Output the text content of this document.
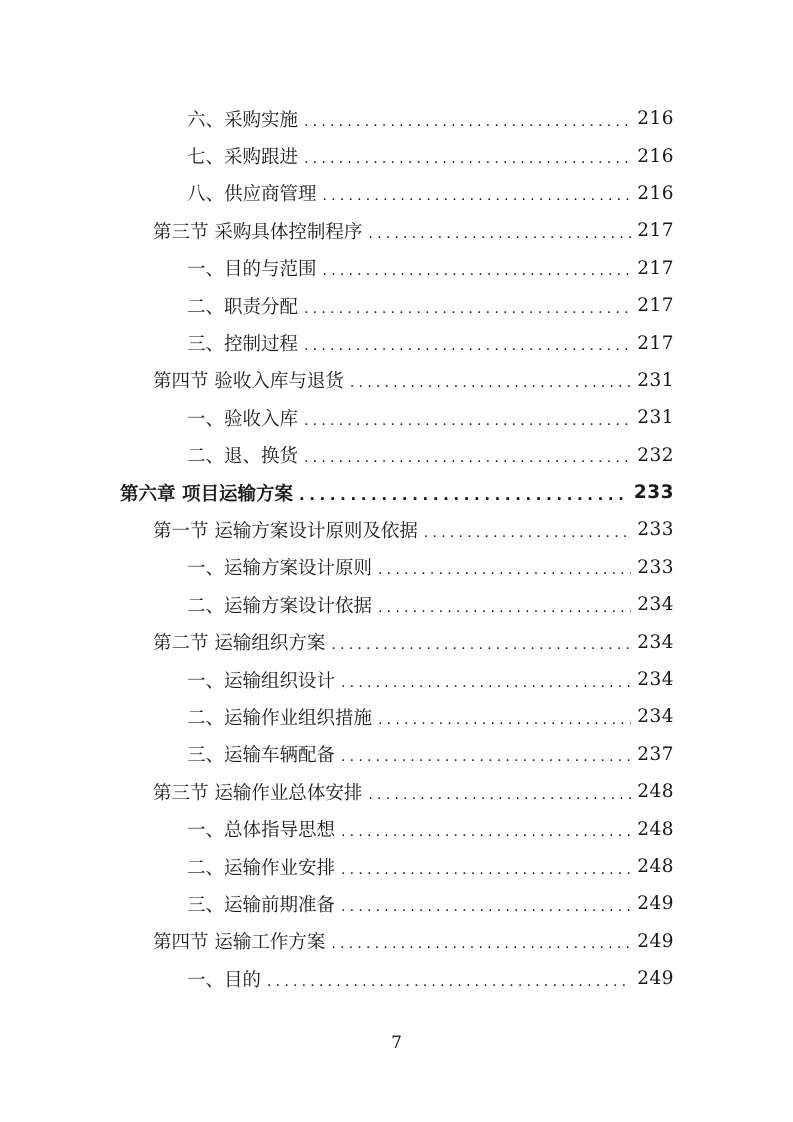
六、采购实施 .....	216
七、采购跟进 .....	216
八、供应商管理 .....	216
第三节 采购具体控制程序 .....	217
一、目的与范围 .....	217
二、职责分配 .....	217
三、控制过程 .....	217
第四节 验收入库与退货 .....	231
一、验收入库 .....	231
二、退、换货 .....	232
第六章 项目运输方案 .....	233
第一节 运输方案设计原则及依据 .....	233
一、运输方案设计原则 .....	233
二、运输方案设计依据 .....	234
第二节 运输组织方案 .....	234
一、运输组织设计 .....	234
二、运输作业组织措施 .....	234
三、运输车辆配备 .....	237
第三节 运输作业总体安排 .....	248
一、总体指导思想 .....	248
二、运输作业安排 .....	248
三、运输前期准备 .....	249
第四节 运输工作方案 .....	249
一、目的 .....	249
7
